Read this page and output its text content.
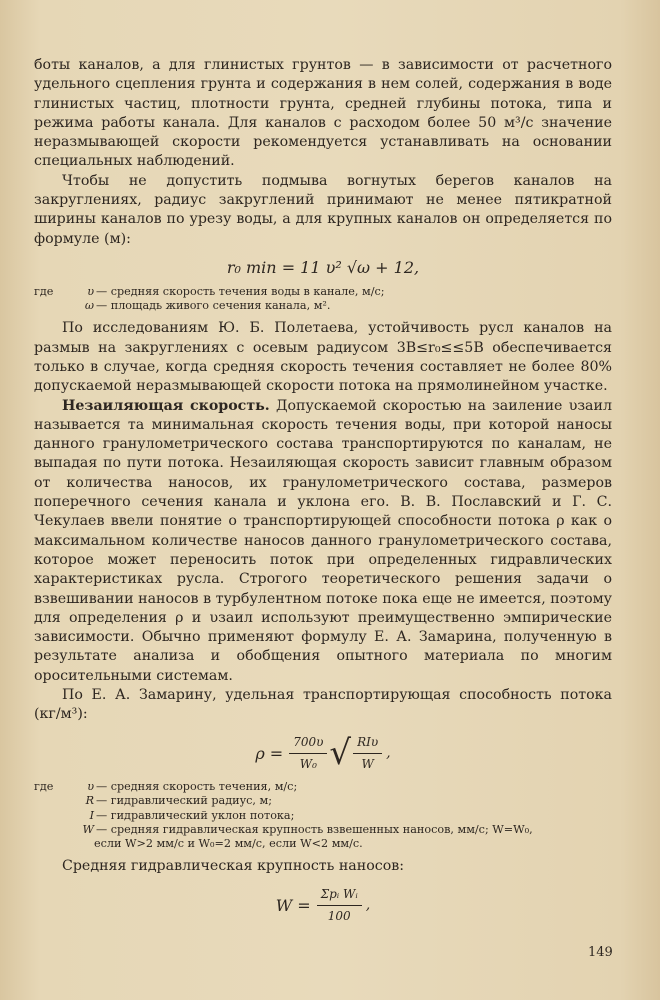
боты каналов, а для глинистых грунтов — в зависимости от расчетного удельного сцепления грунта и содержания в нем солей, содержания в воде глинистых частиц, плотности грунта, средней глубины потока, типа и режима работы канала. Для каналов с расходом более 50 м³/с значение неразмывающей скорости рекомендуется устанавливать на основании специальных наблюдений.

Чтобы не допустить подмыва вогнутых берегов каналов на закруглениях, радиус закруглений принимают не менее пятикратной ширины каналов по урезу воды, а для крупных каналов он определяется по формуле (м):

r₀ min = 11 υ² √ω + 12,
где	υ — средняя скорость течения воды в канале, м/с;
ω — площадь живого сечения канала, м².

По исследованиям Ю. Б. Полетаева, устойчивость русл каналов на размыв на закруглениях с осевым радиусом 3B≤r₀≤≤5B обеспечивается только в случае, когда средняя скорость течения составляет не более 80% допускаемой неразмывающей скорости потока на прямолинейном участке.

Незаиляющая скорость. Допускаемой скоростью на заиление υзаил называется та минимальная скорость течения воды, при которой наносы данного гранулометрического состава транспортируются по каналам, не выпадая по пути потока. Незаиляющая скорость зависит главным образом от количества наносов, их гранулометрического состава, размеров поперечного сечения канала и уклона его. В. В. Пославский и Г. С. Чекулаев ввели понятие о транспортирующей способности потока ρ как о максимальном количестве наносов данного гранулометрического состава, которое может переносить поток при определенных гидравлических характеристиках русла. Строгого теоретического решения задачи о взвешивании наносов в турбулентном потоке пока еще не имеется, поэтому для определения ρ и υзаил используют преимущественно эмпирические зависимости. Обычно применяют формулу Е. А. Замарина, полученную в результате анализа и обобщения опытного материала по многим оросительными системам.

По Е. А. Замарину, удельная транспортирующая способность потока (кг/м³):

$\rho = \frac{700\upsilon}{\text{W₀}}$ √ $\frac{\text{RIυ}}{W}$ ,
где	υ — средняя скорость течения, м/с;
R — гидравлический радиус, м;
I — гидравлический уклон потока;
W — средняя гидравлическая крупность взвешенных наносов, мм/с; W=W₀,
если W>2 мм/с и W₀=2 мм/с, если W<2 мм/с.

Средняя гидравлическая крупность наносов:

$W = \frac{\text{Σpᵢ Wᵢ}}{100}$ ,
149
